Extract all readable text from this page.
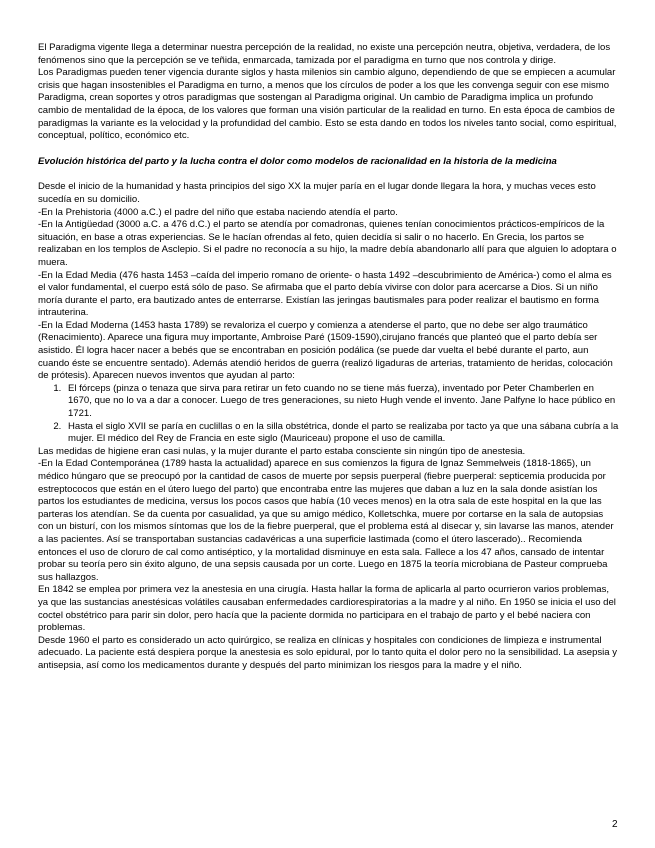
El Paradigma vigente llega a determinar nuestra percepción de la realidad, no existe una percepción neutra, objetiva, verdadera, de los fenómenos sino que la percepción se ve teñida, enmarcada, tamizada por el paradigma en turno que nos controla y dirige.

Los Paradigmas pueden tener vigencia durante siglos y hasta milenios sin cambio alguno, dependiendo de que se empiecen a acumular crisis que hagan insostenibles el Paradigma en turno, a menos que los círculos de poder a los que les convenga seguir con ese mismo Paradigma, crean soportes y otros paradigmas que sostengan al Paradigma original. Un cambio de Paradigma implica un profundo cambio de mentalidad de la época, de los valores que forman una visión particular de la realidad en turno. En esta época de cambios de paradigmas la variante es la velocidad y la profundidad del cambio. Esto se esta dando en todos los niveles tanto social, como espiritual, conceptual, político, económico etc.

Evolución histórica del parto y la lucha contra el dolor como modelos de racionalidad en la historia de la medicina

Desde el inicio de la humanidad y hasta principios del sigo XX la mujer paría en el lugar donde llegara la hora, y muchas veces esto sucedía en su domicilio.

-En la Prehistoria (4000 a.C.) el padre del niño que estaba naciendo atendía el parto.

-En la Antigüedad (3000 a.C. a 476 d.C.) el parto se atendía por comadronas, quienes tenían conocimientos prácticos-empíricos de la situación, en base a otras experiencias. Se le hacían ofrendas al feto, quien decidía si salir o no hacerlo. En Grecia, los partos se realizaban en los templos de Asclepio. Si el padre no reconocía a su hijo, la madre debía abandonarlo allí para que alguien lo adoptara o muera.

-En la Edad Media (476 hasta 1453 –caída del imperio romano de oriente- o hasta 1492 –descubrimiento de América-) como el alma es el valor fundamental, el cuerpo está sólo de paso. Se afirmaba que el parto debía vivirse con dolor para acercarse a Dios. Si un niño moría durante el parto, era bautizado antes de enterrarse. Existían las jeringas bautismales para poder realizar el bautismo en forma intrauterina.

-En la Edad Moderna (1453 hasta 1789) se revaloriza el cuerpo y comienza a atenderse el parto, que no debe ser algo traumático (Renacimiento). Aparece una figura muy importante, Ambroise Paré (1509-1590),cirujano francés que planteó que el parto debía ser asistido. Él logra hacer nacer a bebés que se encontraban en posición podálica (se puede dar vuelta el bebé durante el parto, aun cuando éste se encuentre sentado). Además atendió heridos de guerra (realizó ligaduras de arterias, tratamiento de heridas, colocación de prótesis). Aparecen nuevos inventos que ayudan al parto:

1. El fórceps (pinza o tenaza que sirva para retirar un feto cuando no se tiene más fuerza), inventado por Peter Chamberlen en 1670, que no lo va a dar a conocer. Luego de tres generaciones, su nieto Hugh vende el invento. Jane Palfyne lo hace público en 1721.
2. Hasta el siglo XVII se paría en cuclillas o en la silla obstétrica, donde el parto se realizaba por tacto ya que una sábana cubría a la mujer. El médico del Rey de Francia en este siglo (Mauriceau) propone el uso de camilla.

Las medidas de higiene eran casi nulas, y la mujer durante el parto estaba consciente sin ningún tipo de anestesia.

-En la Edad Contemporánea (1789 hasta la actualidad) aparece en sus comienzos la figura de Ignaz Semmelweis (1818-1865), un médico húngaro que se preocupó por la cantidad de casos de muerte por sepsis puerperal (fiebre puerperal: septicemia producida por estreptococos que están en el útero luego del parto) que encontraba entre las mujeres que daban a luz en la sala donde asistían los partos los estudiantes de medicina, versus los pocos casos que había (10 veces menos) en la otra sala de este hospital en la que las parteras los atendían. Se da cuenta por casualidad, ya que su amigo médico, Kolletschka, muere por cortarse en la sala de autopsias con un bisturí, con los mismos síntomas que los de la fiebre puerperal, que el problema está al disecar y, sin lavarse las manos, atender a las pacientes. Así se transportaban sustancias cadavéricas a una superficie lastimada (como el útero lascerado).. Recomienda entonces el uso de cloruro de cal como antiséptico, y la mortalidad disminuye en esta sala. Fallece a los 47 años, cansado de intentar probar su teoría pero sin éxito alguno, de una sepsis causada por un corte. Luego en 1875 la teoría microbiana de Pasteur comprueba sus hallazgos.

En 1842 se emplea por primera vez la anestesia en una cirugía. Hasta hallar la forma de aplicarla al parto ocurrieron varios problemas, ya que las sustancias anestésicas volátiles causaban enfermedades cardiorespiratorias a la madre y al niño. En 1950 se inicia el uso del coctel obstétrico para parir sin dolor, pero hacía que la paciente dormida no participara en el trabajo de parto y el bebé naciera con problemas.

Desde 1960 el parto es considerado un acto quirúrgico, se realiza en clínicas y hospitales con condiciones de limpieza e instrumental adecuado. La paciente está despiera porque la anestesia es solo epidural, por lo tanto quita el dolor pero no la sensibilidad. La asepsia y antisepsia, así como los medicamentos durante y después del parto minimizan los riesgos para la madre y el niño.

2
